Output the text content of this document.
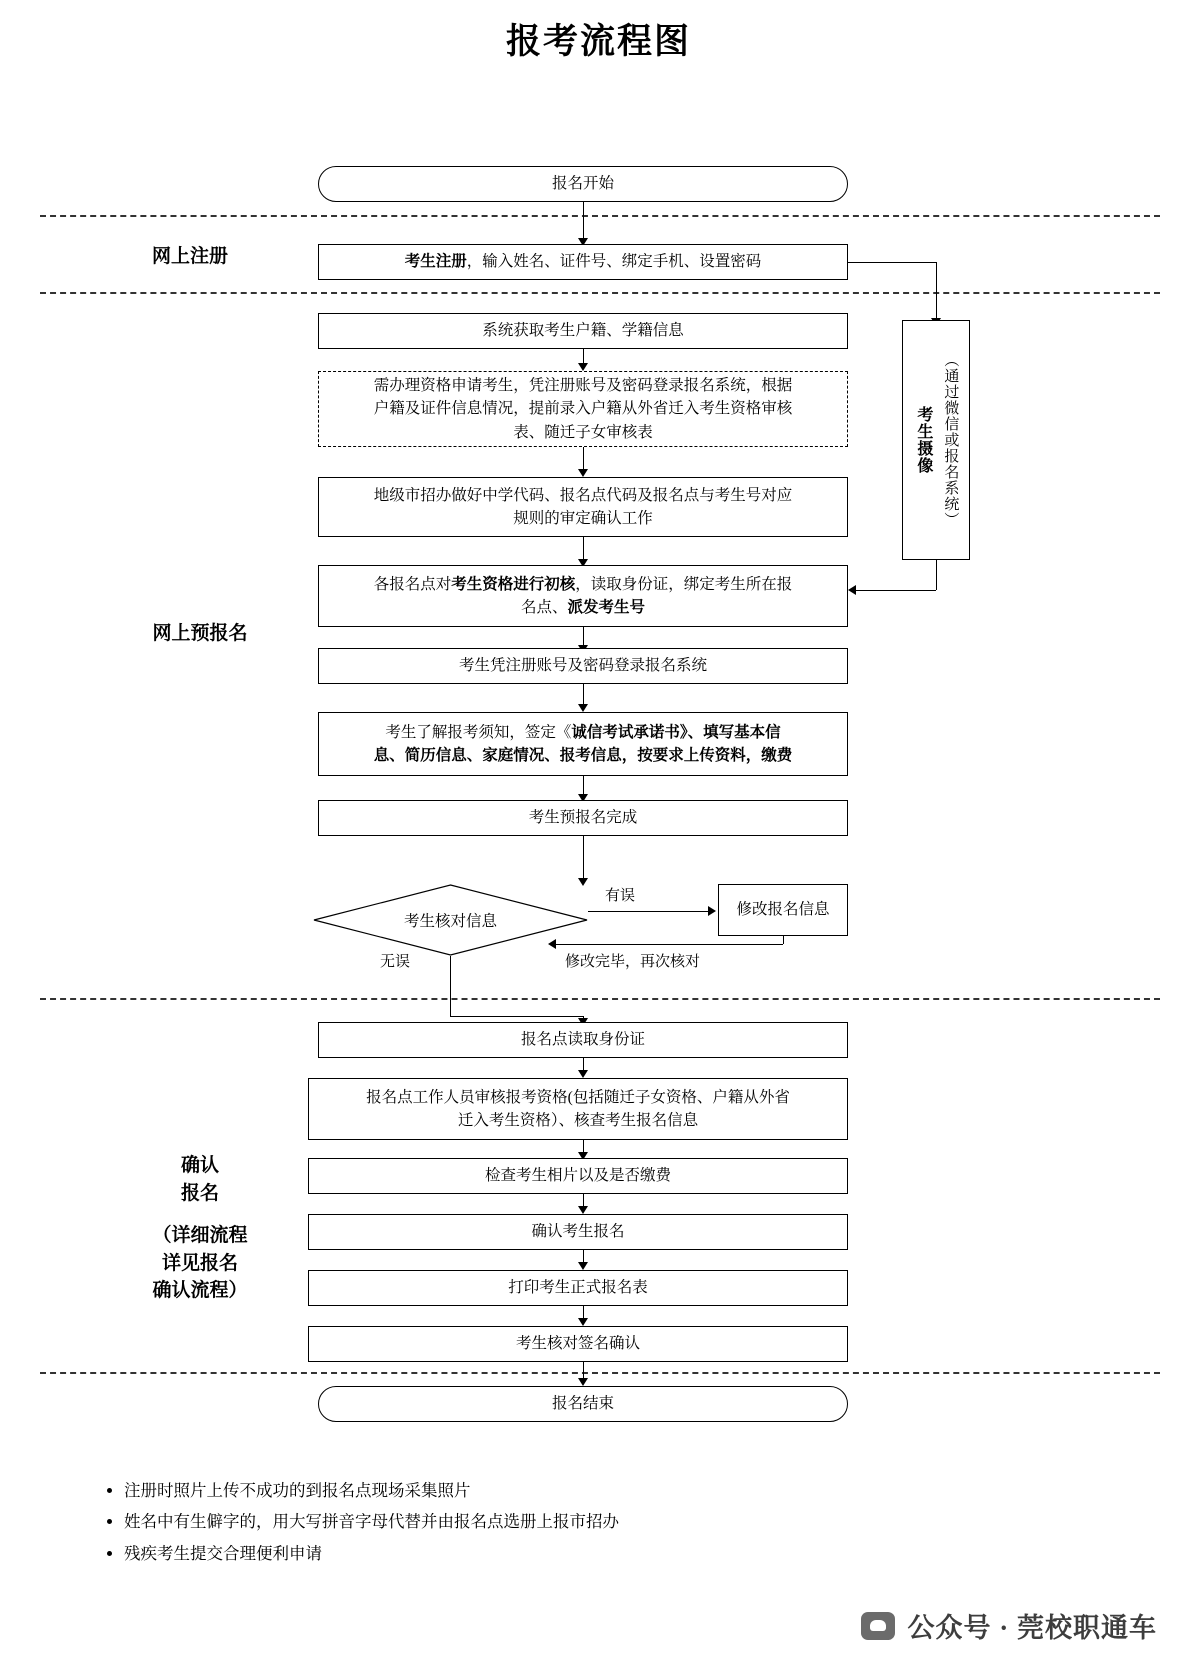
报考流程图
网上注册
网上预报名
确认
报名
（详细流程
详见报名
确认流程）
报名开始
考生注册，输入姓名、证件号、绑定手机、设置密码
考生摄像 （通过微信或报名系统）
系统获取考生户籍、学籍信息
需办理资格申请考生，凭注册账号及密码登录报名系统，根据
户籍及证件信息情况，提前录入户籍从外省迁入考生资格审核
表、随迁子女审核表
地级市招办做好中学代码、报名点代码及报名点与考生号对应
规则的审定确认工作
各报名点对考生资格进行初核，读取身份证，绑定考生所在报
名点、派发考生号
考生凭注册账号及密码登录报名系统
考生了解报考须知，签定《诚信考试承诺书》、填写基本信
息、简历信息、家庭情况、报考信息，按要求上传资料，缴费
考生预报名完成
考生核对信息
有误
修改报名信息
修改完毕，再次核对
无误
报名点读取身份证
报名点工作人员审核报考资格(包括随迁子女资格、户籍从外省
迁入考生资格）、核查考生报名信息
检查考生相片以及是否缴费
确认考生报名
打印考生正式报名表
考生核对签名确认
报名结束
• 注册时照片上传不成功的到报名点现场采集照片
• 姓名中有生僻字的，用大写拼音字母代替并由报名点选册上报市招办
• 残疾考生提交合理便利申请
公众号 · 莞校职通车
